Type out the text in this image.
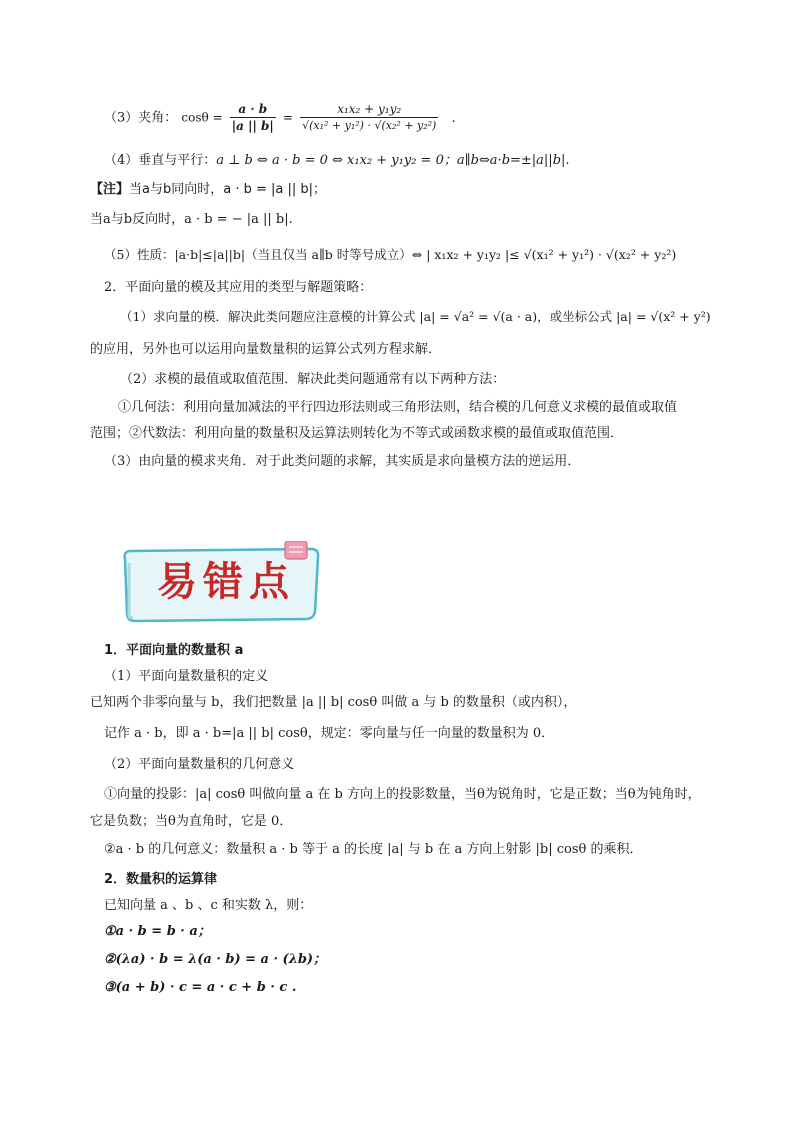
（3）夹角： $\cos\theta = \frac{a \cdot b}{|a || b|} = \frac{\text{x₁x₂ + y₁y₂}}{\text{√(x₁² + y₁²) · √(x₂² + y₂²)}}$ .
（4）垂直与平行：a ⊥ b ⇔ a · b = 0 ⇔ x₁x₂ + y₁y₂ = 0；a∥b⇔a·b=±|a||b|.
【注】当a与b同向时，a · b = |a || b|；
当a与b反向时，a · b = − |a || b|.
（5）性质：|a·b|≤|a||b|（当且仅当 a∥b 时等号成立）⇔ | x₁x₂ + y₁y₂ |≤ √(x₁² + y₁²) · √(x₂² + y₂²)
2．平面向量的模及其应用的类型与解题策略：
（1）求向量的模．解决此类问题应注意模的计算公式 |a| = √a² = √(a · a)，或坐标公式 |a| = √(x² + y²)
的应用，另外也可以运用向量数量积的运算公式列方程求解．
（2）求模的最值或取值范围．解决此类问题通常有以下两种方法：
①几何法：利用向量加减法的平行四边形法则或三角形法则，结合模的几何意义求模的最值或取值
范围；②代数法：利用向量的数量积及运算法则转化为不等式或函数求模的最值或取值范围．
（3）由向量的模求夹角．对于此类问题的求解，其实质是求向量模方法的逆运用．
易错点
1．平面向量的数量积 a
（1）平面向量数量积的定义
已知两个非零向量与 b，我们把数量 |a || b| cosθ 叫做 a 与 b 的数量积（或内积），
记作 a · b，即 a · b=|a || b| cosθ，规定：零向量与任一向量的数量积为 0．
（2）平面向量数量积的几何意义
①向量的投影：|a| cosθ 叫做向量 a 在 b 方向上的投影数量，当θ为锐角时，它是正数；当θ为钝角时，
它是负数；当θ为直角时，它是 0．
②a · b 的几何意义：数量积 a · b 等于 a 的长度 |a| 与 b 在 a 方向上射影 |b| cosθ 的乘积．
2．数量积的运算律
已知向量 a 、b 、c 和实数 λ，则：
①a · b = b · a；
②(λa) · b = λ(a · b) = a · (λb)；
③(a + b) · c = a · c + b · c .
